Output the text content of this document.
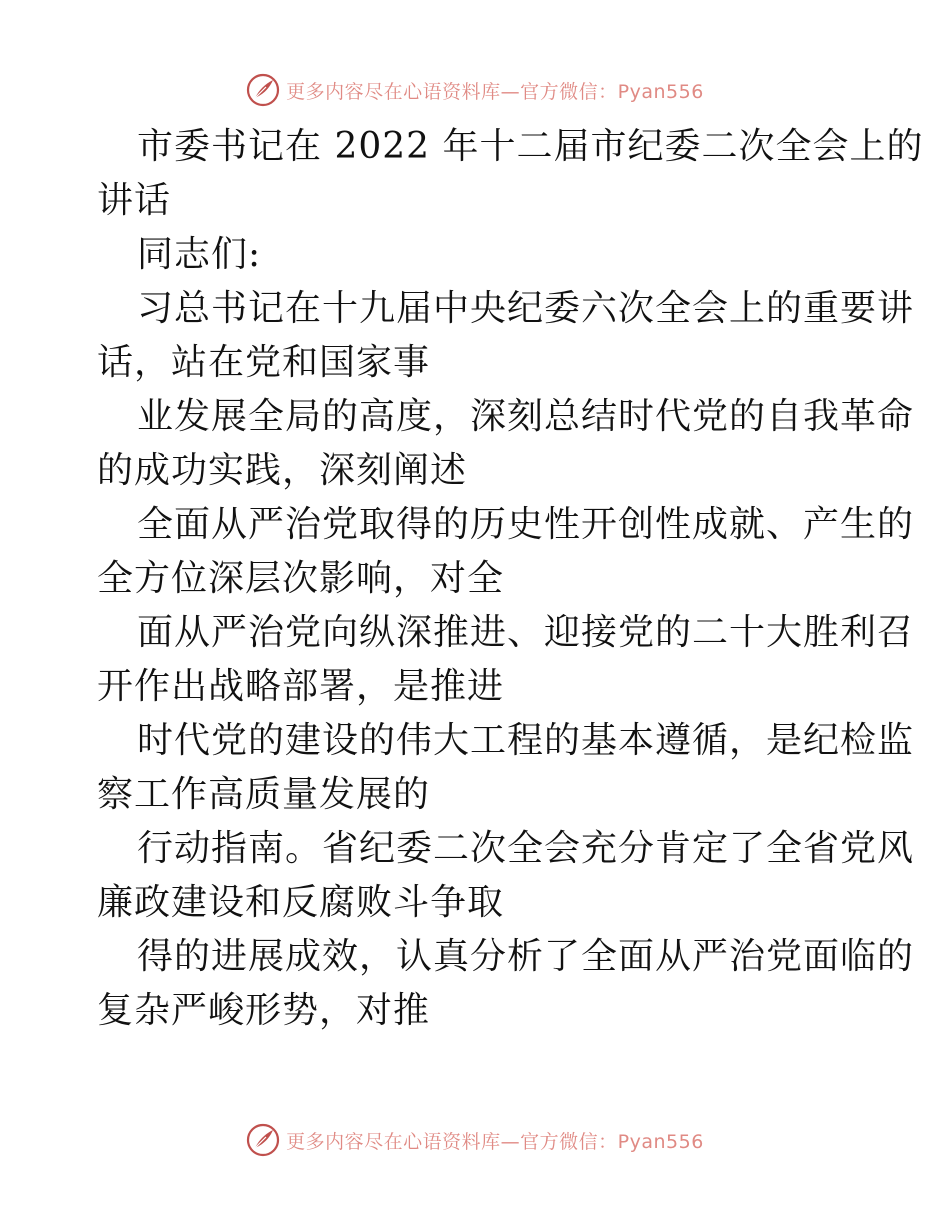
更多内容尽在心语资料库—官方微信：Pyan556
市委书记在 2022 年十二届市纪委二次全会上的
讲话
同志们:
习总书记在十九届中央纪委六次全会上的重要讲
话，站在党和国家事
业发展全局的高度，深刻总结时代党的自我革命
的成功实践，深刻阐述
全面从严治党取得的历史性开创性成就、产生的
全方位深层次影响，对全
面从严治党向纵深推进、迎接党的二十大胜利召
开作出战略部署，是推进
时代党的建设的伟大工程的基本遵循，是纪检监
察工作高质量发展的
行动指南。省纪委二次全会充分肯定了全省党风
廉政建设和反腐败斗争取
得的进展成效，认真分析了全面从严治党面临的
复杂严峻形势，对推
更多内容尽在心语资料库—官方微信：Pyan556
